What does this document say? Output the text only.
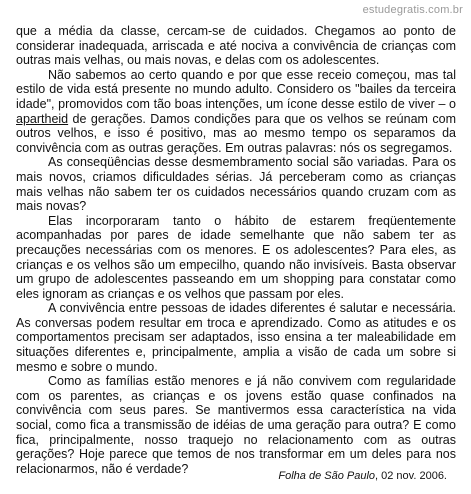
estudegratis.com.br

que a média da classe, cercam-se de cuidados. Chegamos ao ponto de considerar inadequada, arriscada e até nociva a convivência de crianças com outras mais velhas, ou mais novas, e delas com os adolescentes.

Não sabemos ao certo quando e por que esse receio começou, mas tal estilo de vida está presente no mundo adulto. Considero os "bailes da terceira idade", promovidos com tão boas intenções, um ícone desse estilo de viver – o apartheid de gerações. Damos condições para que os velhos se reúnam com outros velhos, e isso é positivo, mas ao mesmo tempo os separamos da convivência com as outras gerações. Em outras palavras: nós os segregamos.

As conseqüências desse desmembramento social são variadas. Para os mais novos, criamos dificuldades sérias. Já perceberam como as crianças mais velhas não sabem ter os cuidados necessários quando cruzam com as mais novas?

Elas incorporaram tanto o hábito de estarem freqüentemente acompanhadas por pares de idade semelhante que não sabem ter as precauções necessárias com os menores. E os adolescentes? Para eles, as crianças e os velhos são um empecilho, quando não invisíveis. Basta observar um grupo de adolescentes passeando em um shopping para constatar como eles ignoram as crianças e os velhos que passam por eles.

A convivência entre pessoas de idades diferentes é salutar e necessária. As conversas podem resultar em troca e aprendizado. Como as atitudes e os comportamentos precisam ser adaptados, isso ensina a ter maleabilidade em situações diferentes e, principalmente, amplia a visão de cada um sobre si mesmo e sobre o mundo.

Como as famílias estão menores e já não convivem com regularidade com os parentes, as crianças e os jovens estão quase confinados na convivência com seus pares. Se mantivermos essa característica na vida social, como fica a transmissão de idéias de uma geração para outra? E como fica, principalmente, nosso traquejo no relacionamento com as outras gerações? Hoje parece que temos de nos transformar em um deles para nos relacionarmos, não é verdade?

Folha de São Paulo, 02 nov. 2006.
